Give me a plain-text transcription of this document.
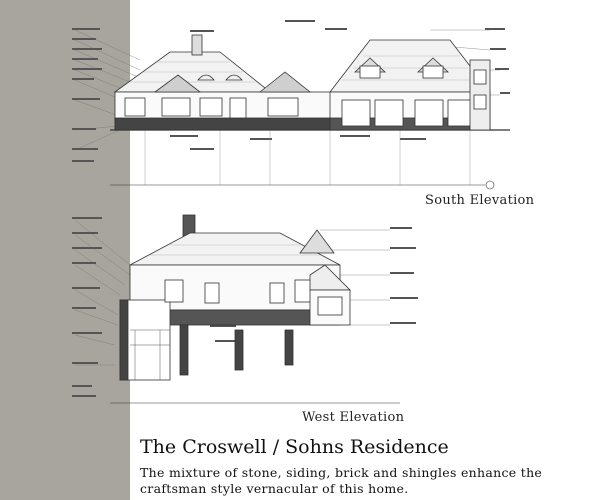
South Elevation
West Elevation
The Croswell / Sohns Residence

The mixture of stone, siding, brick and shingles enhance the craftsman style vernacular of this home.
